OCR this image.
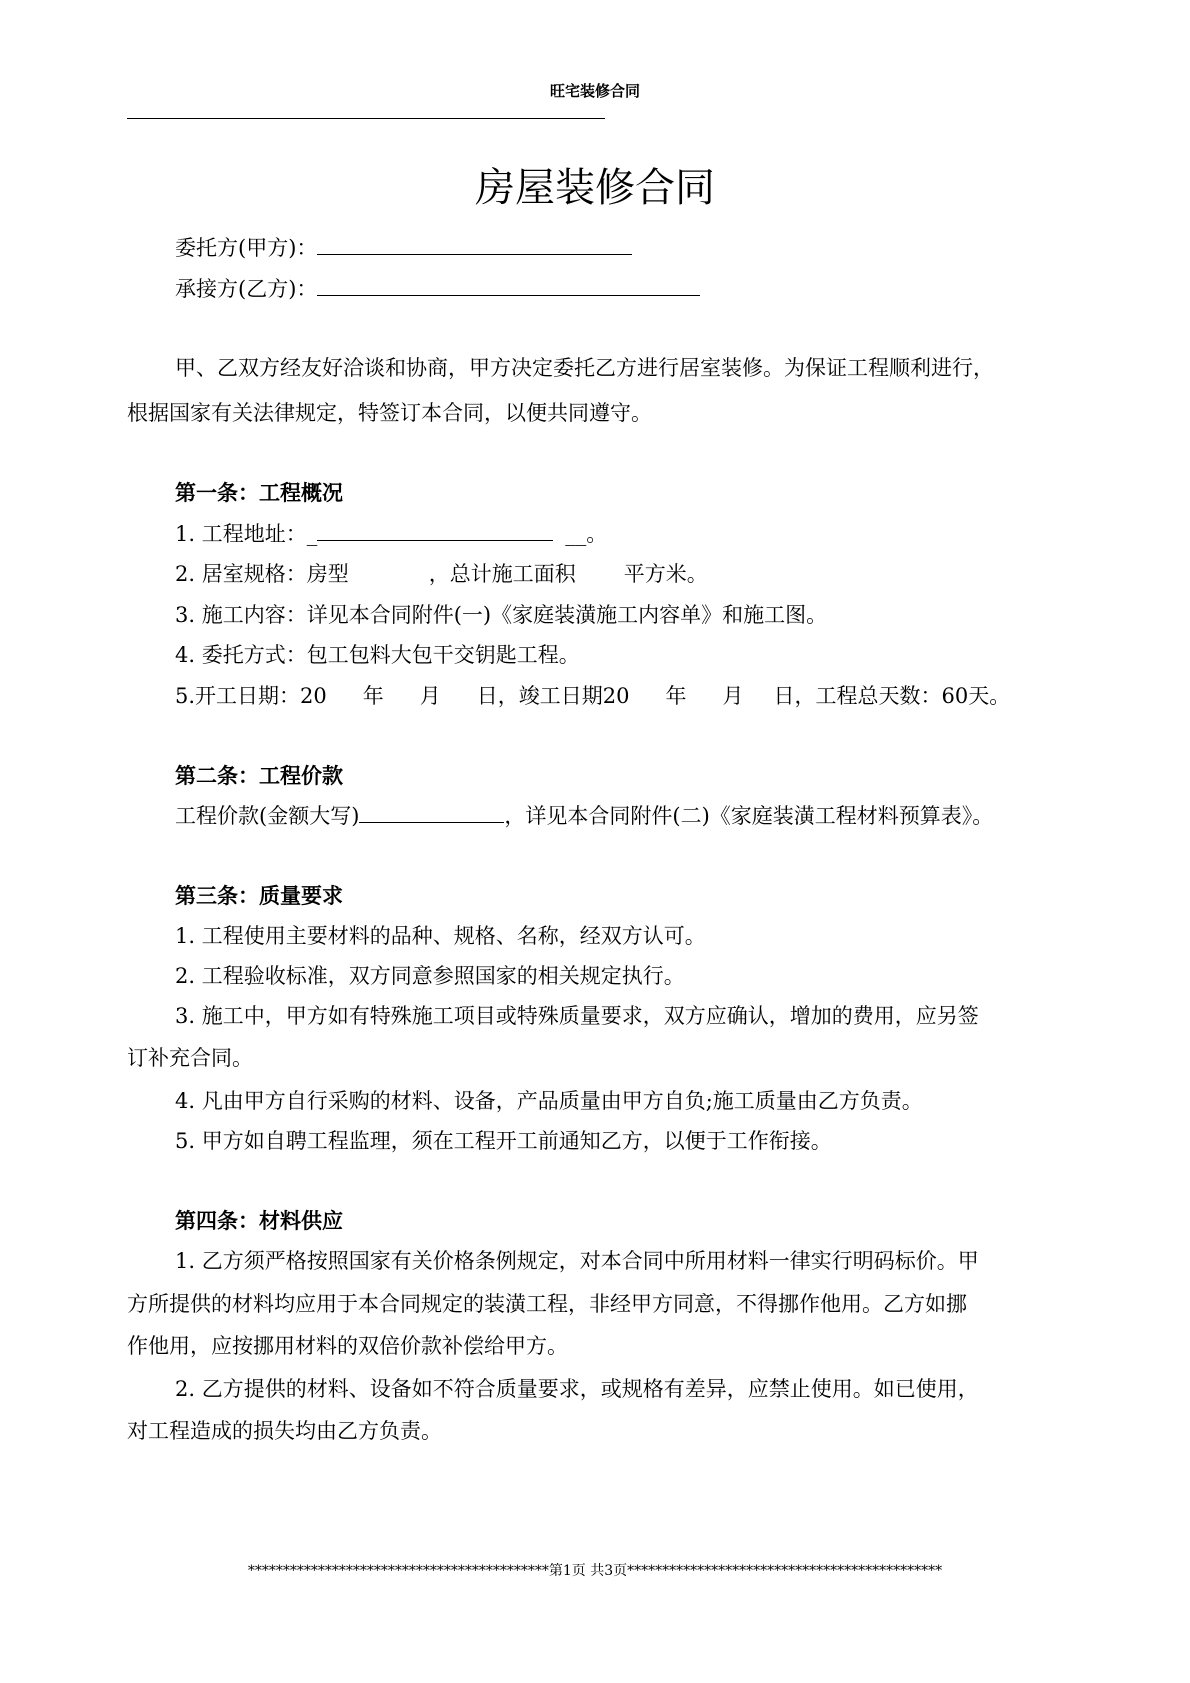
旺宅装修合同
房屋装修合同
委托方(甲方)：
承接方(乙方)：
甲、乙双方经友好洽谈和协商，甲方决定委托乙方进行居室装修。为保证工程顺利进行，
根据国家有关法律规定，特签订本合同，以便共同遵守。
第一条：工程概况
1. 工程地址：_	__。
2. 居室规格：房型	，总计施工面积 平方米。
3. 施工内容：详见本合同附件(一)《家庭装潢施工内容单》和施工图。
4. 委托方式：包工包料大包干交钥匙工程。
5.开工日期：20 年 月 日，竣工日期20 年 月 日，工程总天数：60天。
第二条：工程价款
工程价款(金额大写)	，详见本合同附件(二)《家庭装潢工程材料预算表》。
第三条：质量要求
1. 工程使用主要材料的品种、规格、名称，经双方认可。
2. 工程验收标准，双方同意参照国家的相关规定执行。
3. 施工中，甲方如有特殊施工项目或特殊质量要求，双方应确认，增加的费用，应另签
订补充合同。
4. 凡由甲方自行采购的材料、设备，产品质量由甲方自负;施工质量由乙方负责。
5. 甲方如自聘工程监理，须在工程开工前通知乙方，以便于工作衔接。
第四条：材料供应
1. 乙方须严格按照国家有关价格条例规定，对本合同中所用材料一律实行明码标价。甲
方所提供的材料均应用于本合同规定的装潢工程，非经甲方同意，不得挪作他用。乙方如挪
作他用，应按挪用材料的双倍价款补偿给甲方。
2. 乙方提供的材料、设备如不符合质量要求，或规格有差异，应禁止使用。如已使用，
对工程造成的损失均由乙方负责。
*******************************************第1页 共3页*********************************************
